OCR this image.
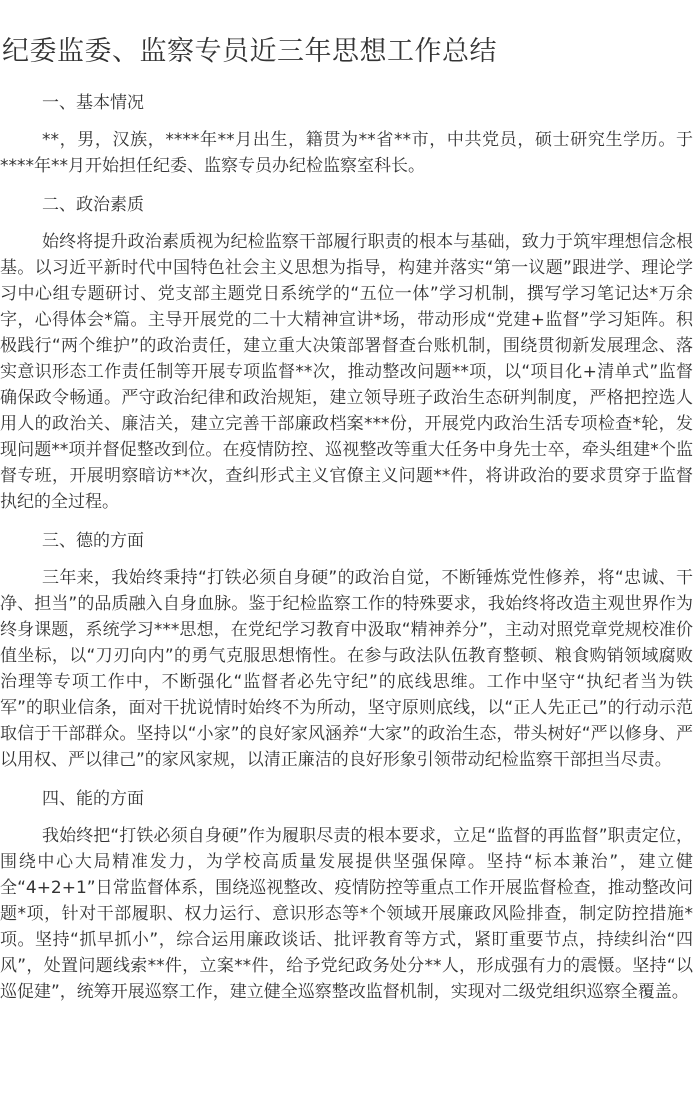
纪委监委、监察专员近三年思想工作总结
一、基本情况

**，男，汉族，****年**月出生，籍贯为**省**市，中共党员，硕士研究生学历。于****年**月开始担任纪委、监察专员办纪检监察室科长。

二、政治素质

始终将提升政治素质视为纪检监察干部履行职责的根本与基础，致力于筑牢理想信念根基。以习近平新时代中国特色社会主义思想为指导，构建并落实“第一议题”跟进学、理论学习中心组专题研讨、党支部主题党日系统学的“五位一体”学习机制，撰写学习笔记达*万余字，心得体会*篇。主导开展党的二十大精神宣讲*场，带动形成“党建+监督”学习矩阵。积极践行“两个维护”的政治责任，建立重大决策部署督查台账机制，围绕贯彻新发展理念、落实意识形态工作责任制等开展专项监督**次，推动整改问题**项，以“项目化+清单式”监督确保政令畅通。严守政治纪律和政治规矩，建立领导班子政治生态研判制度，严格把控选人用人的政治关、廉洁关，建立完善干部廉政档案***份，开展党内政治生活专项检查*轮，发现问题**项并督促整改到位。在疫情防控、巡视整改等重大任务中身先士卒，牵头组建*个监督专班，开展明察暗访**次，查纠形式主义官僚主义问题**件，将讲政治的要求贯穿于监督执纪的全过程。

三、德的方面

三年来，我始终秉持“打铁必须自身硬”的政治自觉，不断锤炼党性修养，将“忠诚、干净、担当”的品质融入自身血脉。鉴于纪检监察工作的特殊要求，我始终将改造主观世界作为终身课题，系统学习***思想，在党纪学习教育中汲取“精神养分”，主动对照党章党规校准价值坐标，以“刀刃向内”的勇气克服思想惰性。在参与政法队伍教育整顿、粮食购销领域腐败治理等专项工作中，不断强化“监督者必先守纪”的底线思维。工作中坚守“执纪者当为铁军”的职业信条，面对干扰说情时始终不为所动，坚守原则底线，以“正人先正己”的行动示范取信于干部群众。坚持以“小家”的良好家风涵养“大家”的政治生态，带头树好“严以修身、严以用权、严以律己”的家风家规，以清正廉洁的良好形象引领带动纪检监察干部担当尽责。

四、能的方面

我始终把“打铁必须自身硬”作为履职尽责的根本要求，立足“监督的再监督”职责定位，围绕中心大局精准发力，为学校高质量发展提供坚强保障。坚持“标本兼治”，建立健全“4+2+1”日常监督体系，围绕巡视整改、疫情防控等重点工作开展监督检查，推动整改问题*项，针对干部履职、权力运行、意识形态等*个领域开展廉政风险排查，制定防控措施*项。坚持“抓早抓小”，综合运用廉政谈话、批评教育等方式，紧盯重要节点，持续纠治“四风”，处置问题线索**件，立案**件，给予党纪政务处分**人，形成强有力的震慑。坚持“以巡促建”，统筹开展巡察工作，建立健全巡察整改监督机制，实现对二级党组织巡察全覆盖。
